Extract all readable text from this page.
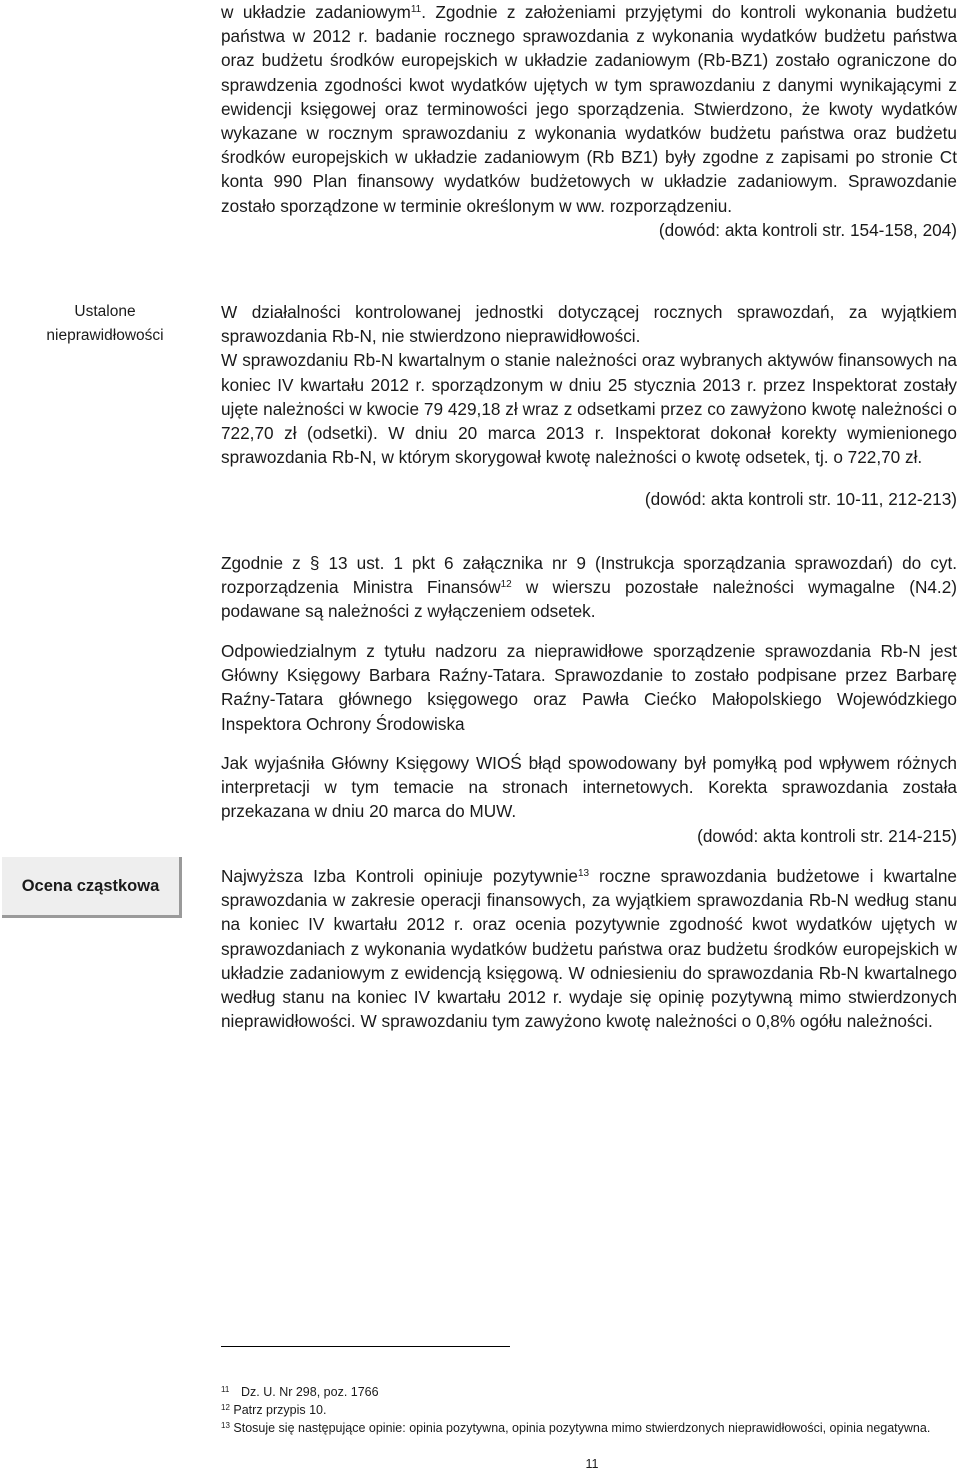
w układzie zadaniowym$^{11}$. Zgodnie z założeniami przyjętymi do kontroli wykonania budżetu

państwa w 2012 r. badanie rocznego sprawozdania z wykonania wydatków budżetu państwa oraz budżetu środków europejskich w układzie zadaniowym (Rb-BZ1) zostało ograniczone do sprawdzenia zgodności kwot wydatków ujętych w tym sprawozdaniu z danymi wynikającymi z ewidencji księgowej oraz terminowości jego sporządzenia. Stwierdzono, że kwoty wydatków wykazane w rocznym sprawozdaniu z wykonania wydatków budżetu państwa oraz budżetu środków europejskich w układzie zadaniowym (Rb BZ1) były zgodne z zapisami po stronie Ct konta 990 Plan finansowy wydatków budżetowych w układzie zadaniowym. Sprawozdanie zostało sporządzone w terminie określonym w ww. rozporządzeniu.

(dowód: akta kontroli str. 154-158, 204)

Ustalone nieprawidłowości

W działalności kontrolowanej jednostki dotyczącej rocznych sprawozdań, za wyjątkiem sprawozdania Rb-N, nie stwierdzono nieprawidłowości.

W sprawozdaniu Rb-N kwartalnym o stanie należności oraz wybranych aktywów finansowych na koniec IV kwartału 2012 r. sporządzonym w dniu 25 stycznia 2013 r. przez Inspektorat zostały ujęte należności w kwocie 79 429,18 zł wraz z odsetkami przez co zawyżono kwotę należności o 722,70 zł (odsetki). W dniu 20 marca 2013 r. Inspektorat dokonał korekty wymienionego sprawozdania Rb-N, w którym skorygował kwotę należności o kwotę odsetek, tj. o 722,70 zł.

(dowód: akta kontroli str. 10-11, 212-213)

Zgodnie z § 13 ust. 1 pkt 6 załącznika nr 9 (Instrukcja sporządzania sprawozdań) do cyt. rozporządzenia Ministra Finansów$^{12}$ w wierszu pozostałe należności wymagalne (N4.2) podawane są należności z wyłączeniem odsetek.

Odpowiedzialnym z tytułu nadzoru za nieprawidłowe sporządzenie sprawozdania Rb-N jest Główny Księgowy Barbara Raźny-Tatara. Sprawozdanie to zostało podpisane przez Barbarę Raźny-Tatara głównego księgowego oraz Pawła Ciećko Małopolskiego Wojewódzkiego Inspektora Ochrony Środowiska

Jak wyjaśniła Główny Księgowy WIOŚ błąd spowodowany był pomyłką pod wpływem różnych interpretacji w tym temacie na stronach internetowych. Korekta sprawozdania została przekazana w dniu 20 marca do MUW.

(dowód: akta kontroli str. 214-215)

Ocena cząstkowa	Najwyższa Izba Kontroli opiniuje pozytywnie$^{13}$ roczne sprawozdania budżetowe i kwartalne sprawozdania w zakresie operacji finansowych, za wyjątkiem sprawozdania Rb-N według stanu na koniec IV kwartału 2012 r. oraz ocenia pozytywnie zgodność kwot wydatków ujętych w sprawozdaniach z wykonania wydatków budżetu państwa oraz budżetu środków europejskich w układzie zadaniowym z ewidencją księgową. W odniesieniu do sprawozdania Rb-N kwartalnego według stanu na koniec IV kwartału 2012 r. wydaje się opinię pozytywną mimo stwierdzonych nieprawidłowości. W sprawozdaniu tym zawyżono kwotę należności o 0,8% ogółu należności.

$^{11}$ Dz. U. Nr 298, poz. 1766
$^{12}$ Patrz przypis 10.
$^{13}$ Stosuje się następujące opinie: opinia pozytywna, opinia pozytywna mimo stwierdzonych nieprawidłowości, opinia negatywna.
11
